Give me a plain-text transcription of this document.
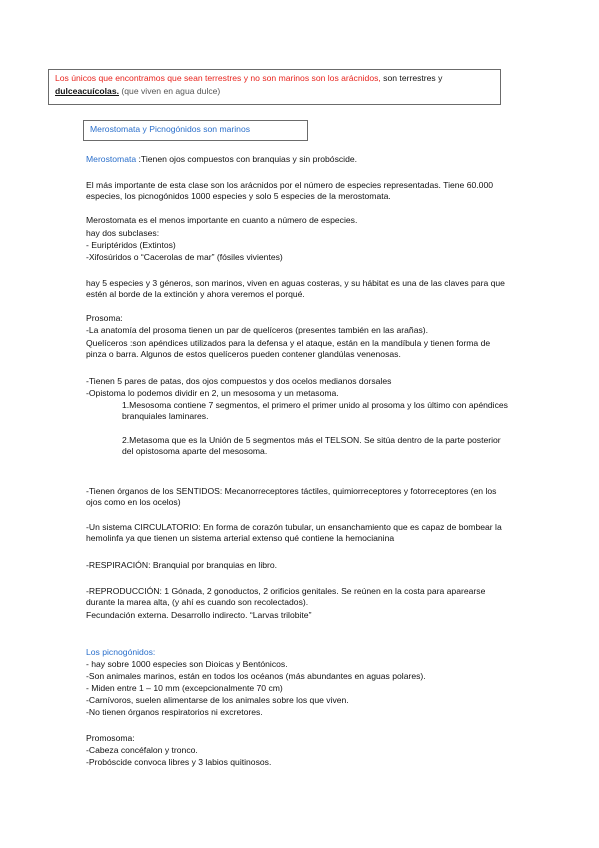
Los únicos que encontramos que sean terrestres y no son marinos son los arácnidos, son terrestres y
dulceacuícolas. (que viven en agua dulce)
Merostomata y Picnogónidos son marinos
Merostomata :Tienen ojos compuestos con branquias y sin probóscide.
El más importante de esta clase son los arácnidos por el número de especies representadas. Tiene 60.000 especies, los picnogónidos 1000 especies y solo 5 especies de la merostomata.
Merostomata es el menos importante en cuanto a número de especies.
hay dos subclases:
- Euriptéridos (Extintos)
-Xifosúridos o “Cacerolas de mar” (fósiles vivientes)
hay 5 especies y 3 géneros, son marinos, viven en aguas costeras, y su hábitat es una de las claves para que estén al borde de la extinción y ahora veremos el porqué.
Prosoma:
-La anatomía del prosoma tienen un par de quelíceros (presentes también en las arañas).
Quelíceros :son apéndices utilizados para la defensa y el ataque, están en la mandíbula y tienen forma de pinza o barra. Algunos de estos quelíceros pueden contener glandúlas venenosas.
-Tienen 5 pares de patas, dos ojos compuestos y dos ocelos medianos dorsales
-Opistoma lo podemos dividir en 2, un mesosoma y un metasoma.
1.Mesosoma contiene 7 segmentos, el primero el primer unido al prosoma y los último con apéndices branquiales laminares.
2.Metasoma que es la Unión de 5 segmentos más el TELSON. Se sitúa dentro de la parte posterior del opistosoma aparte del mesosoma.
-Tienen órganos de los SENTIDOS: Mecanorreceptores táctiles, quimiorreceptores y fotorreceptores (en los ojos como en los ocelos)
-Un sistema CIRCULATORIO: En forma de corazón tubular, un ensanchamiento que es capaz de bombear la hemolinfa ya que tienen un sistema arterial extenso qué contiene la hemocianina
-RESPIRACIÓN: Branquial por branquias en libro.
-REPRODUCCIÓN: 1 Gónada, 2 gonoductos, 2 orificios genitales. Se reúnen en la costa para aparearse durante la marea alta, (y ahí es cuando son recolectados).
Fecundación externa. Desarrollo indirecto. “Larvas trilobite”
Los picnogónidos:
- hay sobre 1000 especies son Dioicas y Bentónicos.
-Son animales marinos, están en todos los océanos (más abundantes en aguas polares).
- Miden entre 1 – 10 mm (excepcionalmente 70 cm)
-Carnívoros, suelen alimentarse de los animales sobre los que viven.
-No tienen órganos respiratorios ni excretores.
Promosoma:
-Cabeza concéfalon y tronco.
-Probóscide convoca libres y 3 labios quitinosos.
